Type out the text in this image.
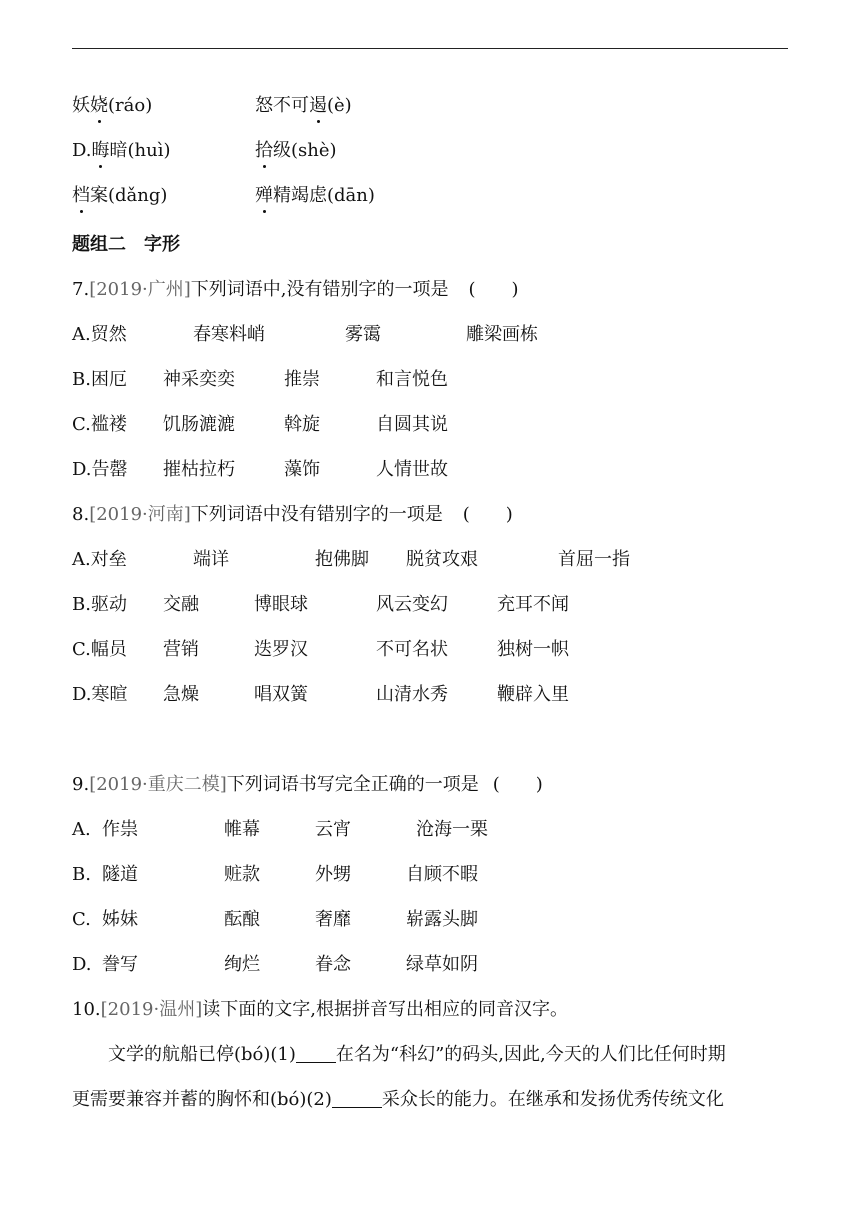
妖娆(ráo)	怒不可遏(è)
D.晦暗(huì)	拾级(shè)
档案(dǎng)	殚精竭虑(dān)
题组二　字形
7.[2019·广州]下列词语中,没有错别字的一项是 (　　)
A.贸然	春寒料峭	雾霭	雕梁画栋
B.困厄 神采奕奕	推崇	和言悦色
C.褴褛 饥肠漉漉	斡旋	自圆其说
D.告罄 摧枯拉朽	藻饰	人情世故
8.[2019·河南]下列词语中没有错别字的一项是 (　　)
A.对垒	端详	抱佛脚 脱贫攻艰	首屈一指
B.驱动 交融	博眼球	风云变幻	充耳不闻
C.幅员 营销	迭罗汉	不可名状	独树一帜
D.寒暄 急燥	唱双簧	山清水秀	鞭辟入里
9.[2019·重庆二模]下列词语书写完全正确的一项是 (　　)
A. 作祟	帷幕	云宵	沧海一栗
B. 隧道	赃款	外甥	自顾不暇
C. 姊妹	酝酿	奢靡	崭露头脚
D. 誊写	绚烂	眷念	绿草如阴
10.[2019·温州]读下面的文字,根据拼音写出相应的同音汉字。
文学的航船已停(bó)(1) 在名为“科幻”的码头,因此,今天的人们比任何时期
更需要兼容并蓄的胸怀和(bó)(2)	采众长的能力。在继承和发扬优秀传统文化
